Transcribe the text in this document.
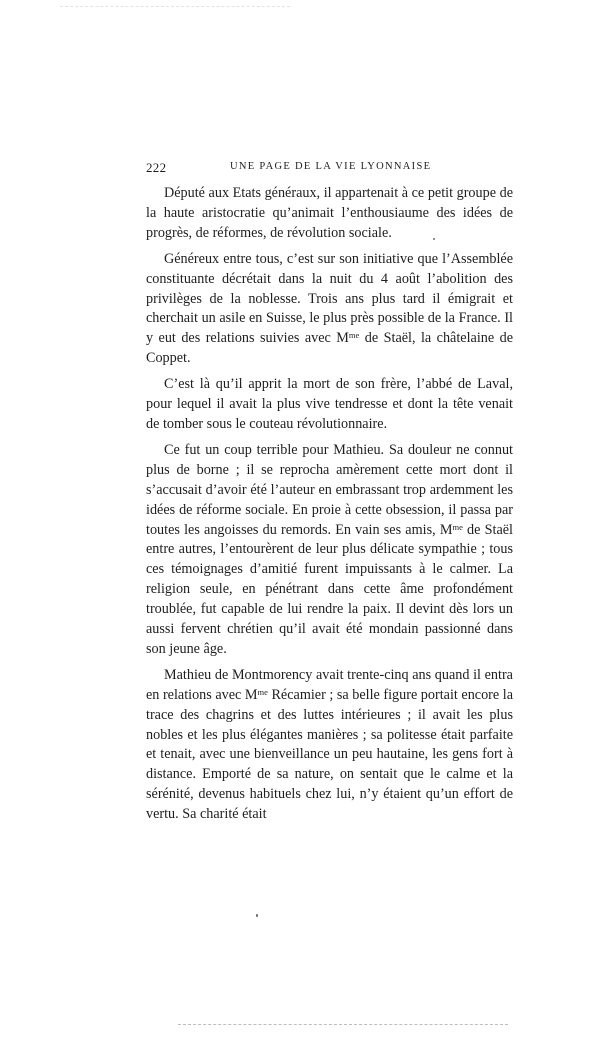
222	UNE PAGE DE LA VIE LYONNAISE

Député aux Etats généraux, il appartenait à ce petit groupe de la haute aristocratie qu’animait l’enthousiaume des idées de progrès, de réformes, de révolution sociale.

Généreux entre tous, c’est sur son initiative que l’Assemblée constituante décrétait dans la nuit du 4 août l’abolition des privilèges de la noblesse. Trois ans plus tard il émigrait et cherchait un asile en Suisse, le plus près possible de la France. Il y eut des relations suivies avec $M^{me}$ de Staël, la châtelaine de Coppet.

C’est là qu’il apprit la mort de son frère, l’abbé de Laval, pour lequel il avait la plus vive tendresse et dont la tête venait de tomber sous le couteau révolutionnaire.

Ce fut un coup terrible pour Mathieu. Sa douleur ne connut plus de borne ; il se reprocha amèrement cette mort dont il s’accusait d’avoir été l’auteur en embrassant trop ardemment les idées de réforme sociale. En proie à cette obsession, il passa par toutes les angoisses du remords. En vain ses amis, $M^{me}$ de Staël entre autres, l’entourèrent de leur plus délicate sympathie ; tous ces témoignages d’amitié furent impuissants à le calmer. La religion seule, en pénétrant dans cette âme profondément troublée, fut capable de lui rendre la paix. Il devint dès lors un aussi fervent chrétien qu’il avait été mondain passionné dans son jeune âge.

Mathieu de Montmorency avait trente-cinq ans quand il entra en relations avec $M^{me}$ Récamier ; sa belle figure portait encore la trace des chagrins et des luttes intérieures ; il avait les plus nobles et les plus élégantes manières ; sa politesse était parfaite et tenait, avec une bienveillance un peu hautaine, les gens fort à distance. Emporté de sa nature, on sentait que le calme et la sérénité, devenus habituels chez lui, n’y étaient qu’un effort de vertu. Sa charité était
